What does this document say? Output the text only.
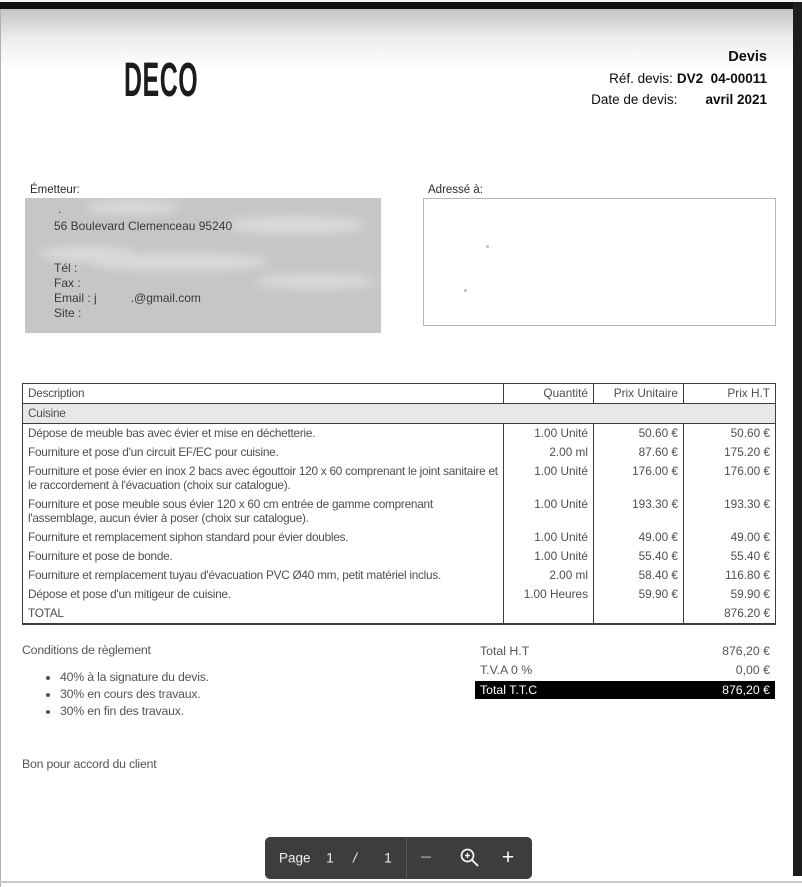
DECO	Devis
Réf. devis: DV2  04-00011
Date de devis: avril 2021
Émetteur:
.
56 Boulevard Clemenceau 95240
Tél :
Fax :
Email : j	.@gmail.com
Site :
Adressé à:
Description	Quantité	Prix Unitaire	Prix H.T
Cuisine			
Dépose de meuble bas avec évier et mise en déchetterie.	1.00 Unité	50.60 €	50.60 €
Fourniture et pose d'un circuit EF/EC pour cuisine.	2.00 ml	87.60 €	175.20 €
Fourniture et pose évier en inox 2 bacs avec égouttoir 120 x 60 comprenant le joint sanitaire et le raccordement à l'évacuation (choix sur catalogue).	1.00 Unité	176.00 €	176.00 €
Fourniture et pose meuble sous évier 120 x 60 cm entrée de gamme comprenant l'assemblage, aucun évier à poser (choix sur catalogue).	1.00 Unité	193.30 €	193.30 €
Fourniture et remplacement siphon standard pour évier doubles.	1.00 Unité	49.00 €	49.00 €
Fourniture et pose de bonde.	1.00 Unité	55.40 €	55.40 €
Fourniture et remplacement tuyau d'évacuation PVC Ø40 mm, petit matériel inclus.	2.00 ml	58.40 €	116.80 €
Dépose et pose d'un mitigeur de cuisine.	1.00 Heures	59.90 €	59.90 €
TOTAL			876.20 €
Conditions de règlement
• 40% à la signature du devis.
• 30% en cours des travaux.
• 30% en fin des travaux.
Total H.T	876,20 €
T.V.A 0 %	0,00 €
Total T.T.C	876,20 €
Bon pour accord du client
Page	1	/	1	−	+
